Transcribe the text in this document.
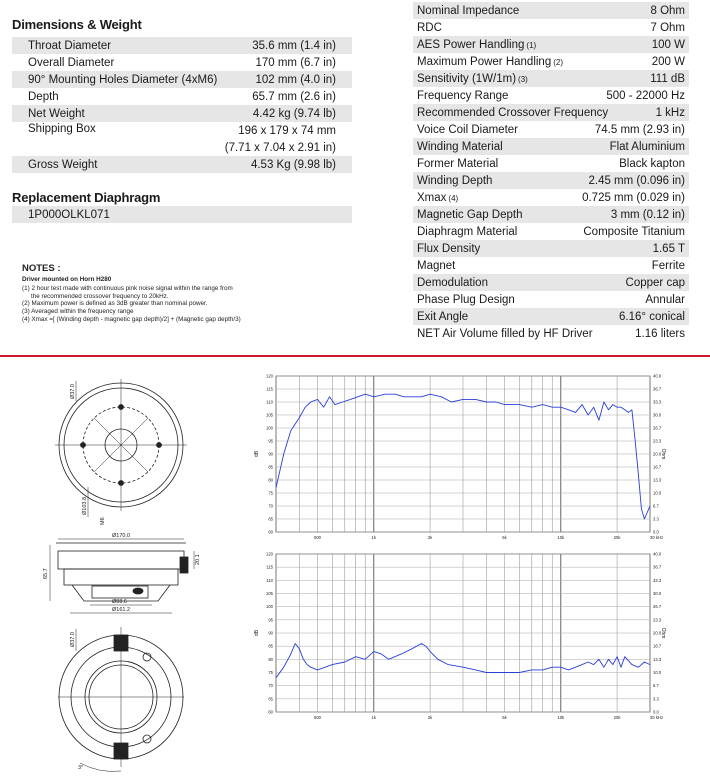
Dimensions & Weight
Throat Diameter	35.6 mm (1.4 in)
Overall Diameter	170 mm (6.7 in)
90° Mounting Holes Diameter (4xM6)	102 mm (4.0 in)
Depth	65.7 mm (2.6 in)
Net Weight	4.42 kg (9.74 lb)
Shipping Box	196 x 179 x 74 mm
(7.71 x 7.04 x 2.91 in)
Gross Weight	4.53 Kg (9.98 lb)
Replacement Diaphragm
1P000OLKL071
NOTES :
Driver mounted on Horn H280
(1) 2 hour test made with continuous pink noise signal within the range from
the recommended crossover frequency to 20kHz.
(2) Maximum power is defined as 3dB greater than nominal power.
(3) Averaged within the frequency range
(4) Xmax =[ (Winding depth - magnetic gap depth)/2] + (Magnetic gap depth/3)
Nominal Impedance	8 Ohm
RDC	7 Ohm
AES Power Handling (1)	100 W
Maximum Power Handling (2)	200 W
Sensitivity (1W/1m) (3)	111 dB
Frequency Range	500 - 22000 Hz
Recommended Crossover Frequency	1 kHz
Voice Coil Diameter	74.5 mm (2.93 in)
Winding Material	Flat Aluminium
Former Material	Black kapton
Winding Depth	2.45 mm (0.096 in)
Xmax (4)	0.725 mm (0.029 in)
Magnetic Gap Depth	3 mm (0.12 in)
Diaphragm Material	Composite Titanium
Flux Density	1.65 T
Magnet	Ferrite
Demodulation	Copper cap
Phase Plug Design	Annular
Exit Angle	6.16° conical
NET Air Volume filled by HF Driver	1.16 liters
Ø37.0
Ø103.8
M6
Ø170.0
65.7
20.1
Ø88.6
Ø161.2
Ø37.0
3°
120	40.0
115	36.7
110	33.3
105	30.0
100	26.7
95	23.3
90	20.0
85	16.7
80	13.3
75	10.0
70	6.7
65	3.3
60	0.0
500	1k	2k	5k	10k	20k	30 kHz
dB	Ohm
120	40.0
115	36.7
110	33.3
105	30.0
100	26.7
95	23.3
90	20.0
85	16.7
80	13.3
75	10.0
70	6.7
65	3.3
60	0.0
500	1k	2k	5k	10k	20k	30 kHz
dB	Ohm
